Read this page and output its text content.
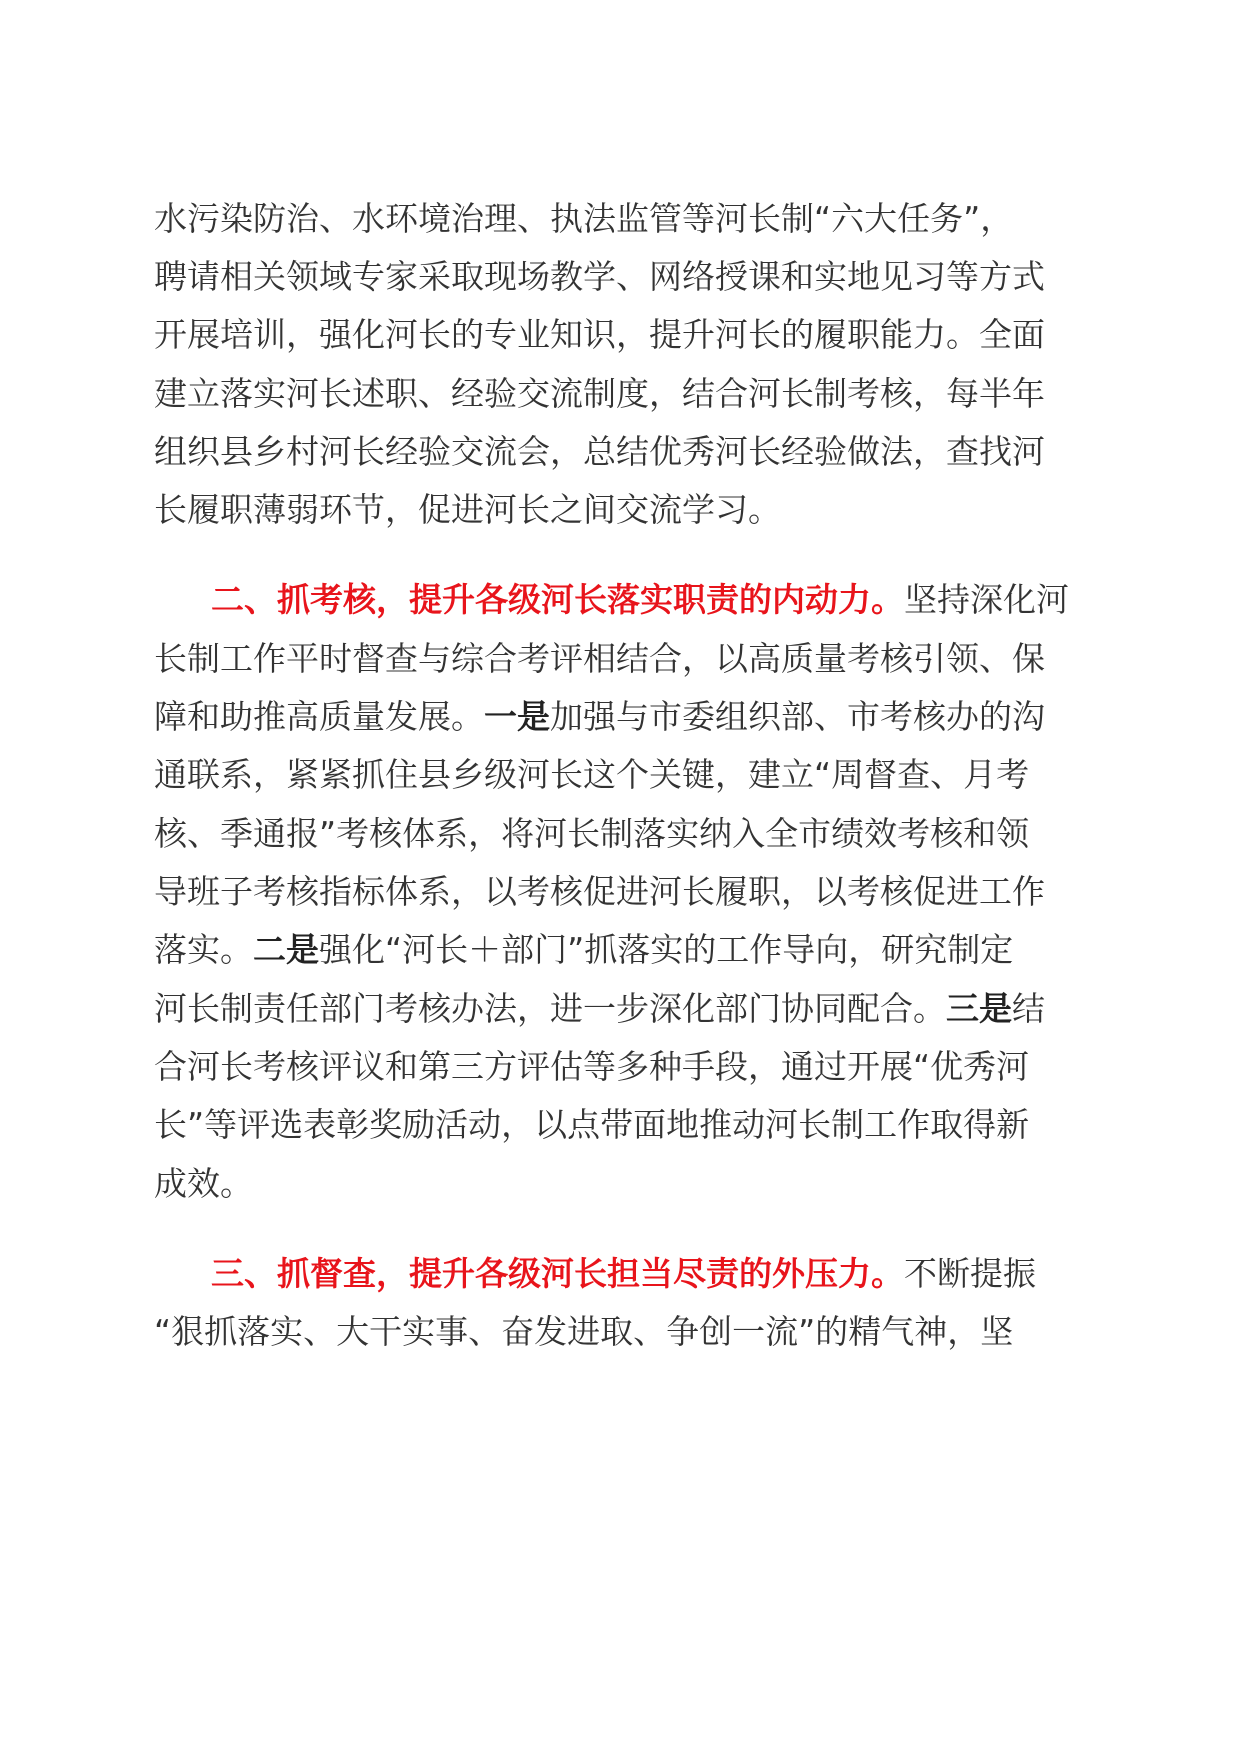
水污染防治、水环境治理、执法监管等河长制“六大任务”，
聘请相关领域专家采取现场教学、网络授课和实地见习等方式
开展培训，强化河长的专业知识，提升河长的履职能力。全面
建立落实河长述职、经验交流制度，结合河长制考核，每半年
组织县乡村河长经验交流会，总结优秀河长经验做法，查找河
长履职薄弱环节，促进河长之间交流学习。
二、抓考核，提升各级河长落实职责的内动力。坚持深化河
长制工作平时督查与综合考评相结合，以高质量考核引领、保
障和助推高质量发展。一是加强与市委组织部、市考核办的沟
通联系，紧紧抓住县乡级河长这个关键，建立“周督查、月考
核、季通报”考核体系，将河长制落实纳入全市绩效考核和领
导班子考核指标体系，以考核促进河长履职，以考核促进工作
落实。二是强化“河长＋部门”抓落实的工作导向，研究制定
河长制责任部门考核办法，进一步深化部门协同配合。三是结
合河长考核评议和第三方评估等多种手段，通过开展“优秀河
长”等评选表彰奖励活动，以点带面地推动河长制工作取得新
成效。
三、抓督查，提升各级河长担当尽责的外压力。不断提振
“狠抓落实、大干实事、奋发进取、争创一流”的精气神，坚
